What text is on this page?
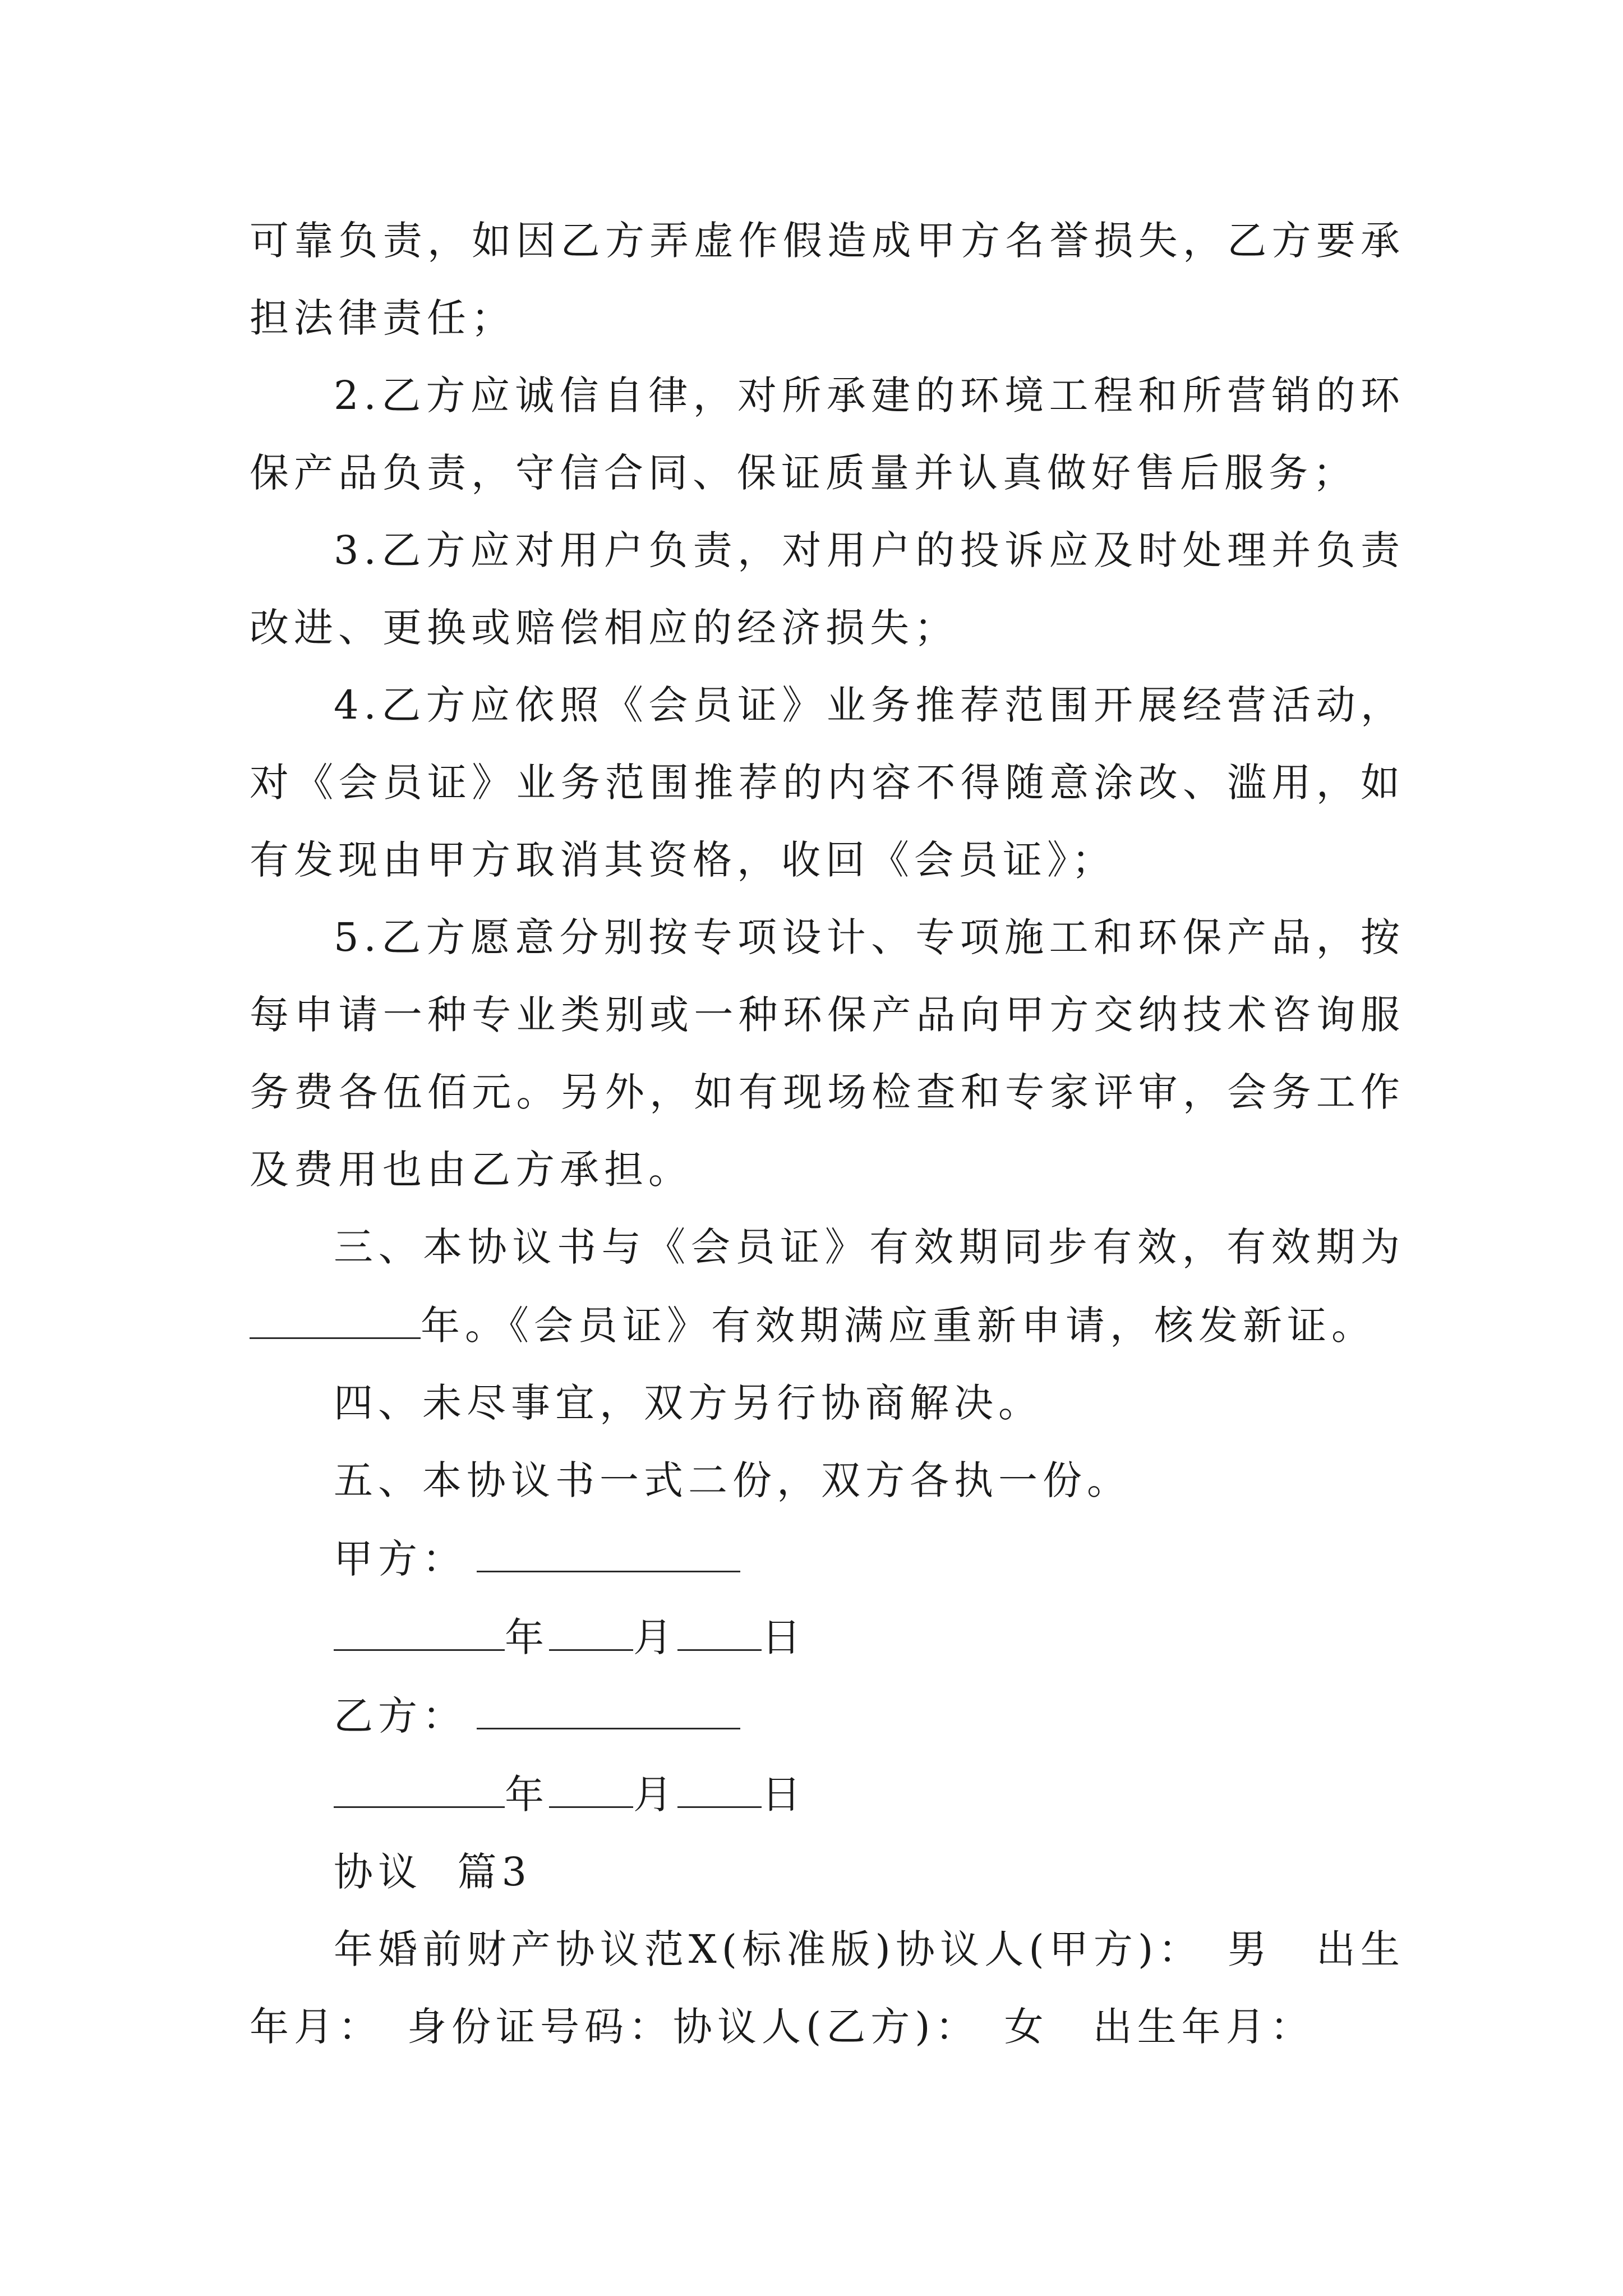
可靠负责，如因乙方弄虚作假造成甲方名誉损失，乙方要承担法律责任；

2.乙方应诚信自律，对所承建的环境工程和所营销的环保产品负责，守信合同、保证质量并认真做好售后服务；

3.乙方应对用户负责，对用户的投诉应及时处理并负责改进、更换或赔偿相应的经济损失；

4.乙方应依照《会员证》业务推荐范围开展经营活动，对《会员证》业务范围推荐的内容不得随意涂改、滥用，如有发现由甲方取消其资格，收回《会员证》；

5.乙方愿意分别按专项设计、专项施工和环保产品，按每申请一种专业类别或一种环保产品向甲方交纳技术咨询服务费各伍佰元。另外，如有现场检查和专家评审，会务工作及费用也由乙方承担。

三、本协议书与《会员证》有效期同步有效，有效期为年。《会员证》有效期满应重新申请，核发新证。

四、未尽事宜，双方另行协商解决。

五、本协议书一式二份，双方各执一份。

甲方：

年 月 日

乙方：

年 月 日

协议  篇3

年婚前财产协议范X(标准版)协议人(甲方)：　男　出生年月：　身份证号码：协议人(乙方)：　女　出生年月：
